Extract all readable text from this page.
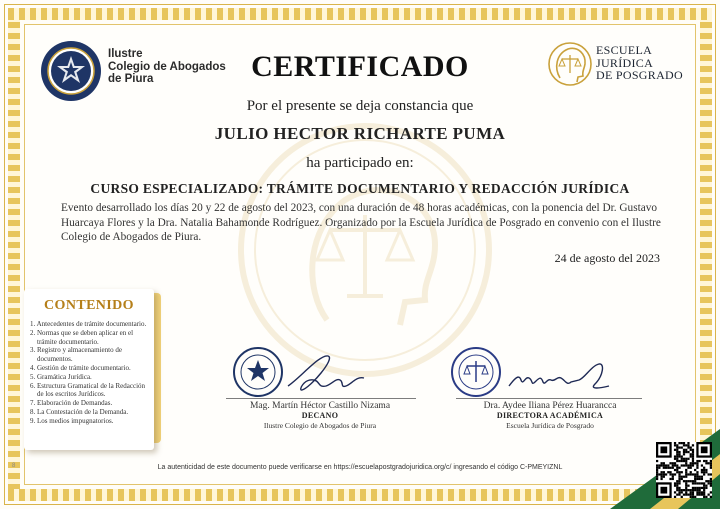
Ilustre
Colegio de Abogados
de Piura
ESCUELA
JURÍDICA
DE POSGRADO
CERTIFICADO
Por el presente se deja constancia que
JULIO HECTOR RICHARTE PUMA
ha participado en:
CURSO ESPECIALIZADO: TRÁMITE DOCUMENTARIO Y REDACCIÓN JURÍDICA
Evento desarrollado los días 20 y 22 de agosto del 2023, con una duración de 48 horas académicas, con la ponencia del Dr. Gustavo Huarcaya Flores y la Dra. Natalia Bahamonde Rodríguez. Organizado por la Escuela Jurídica de Posgrado en convenio con el Ilustre Colegio de Abogados de Piura.
24 de agosto del 2023
CONTENIDO
1. Antecedentes de trámite documentario.
2. Normas que se deben aplicar en el trámite documentario.
3. Registro y almacenamiento de documentos.
4. Gestión de trámite documentario.
5. Gramática Jurídica.
6. Estructura Gramatical de la Redacción de los escritos Jurídicos.
7. Elaboración de Demandas.
8. La Contestación de la Demanda.
9. Los medios impugnatorios.
Mag. Martín Héctor Castillo Nizama
DECANO
Ilustre Colegio de Abogados de Piura
Dra. Aydee Iliana Pérez Huarancca
DIRECTORA ACADÉMICA
Escuela Jurídica de Posgrado
8	La autenticidad de este documento puede verificarse en https://escuelapostgradojuridica.org/c/ ingresando el código C-PMEYIZNL
